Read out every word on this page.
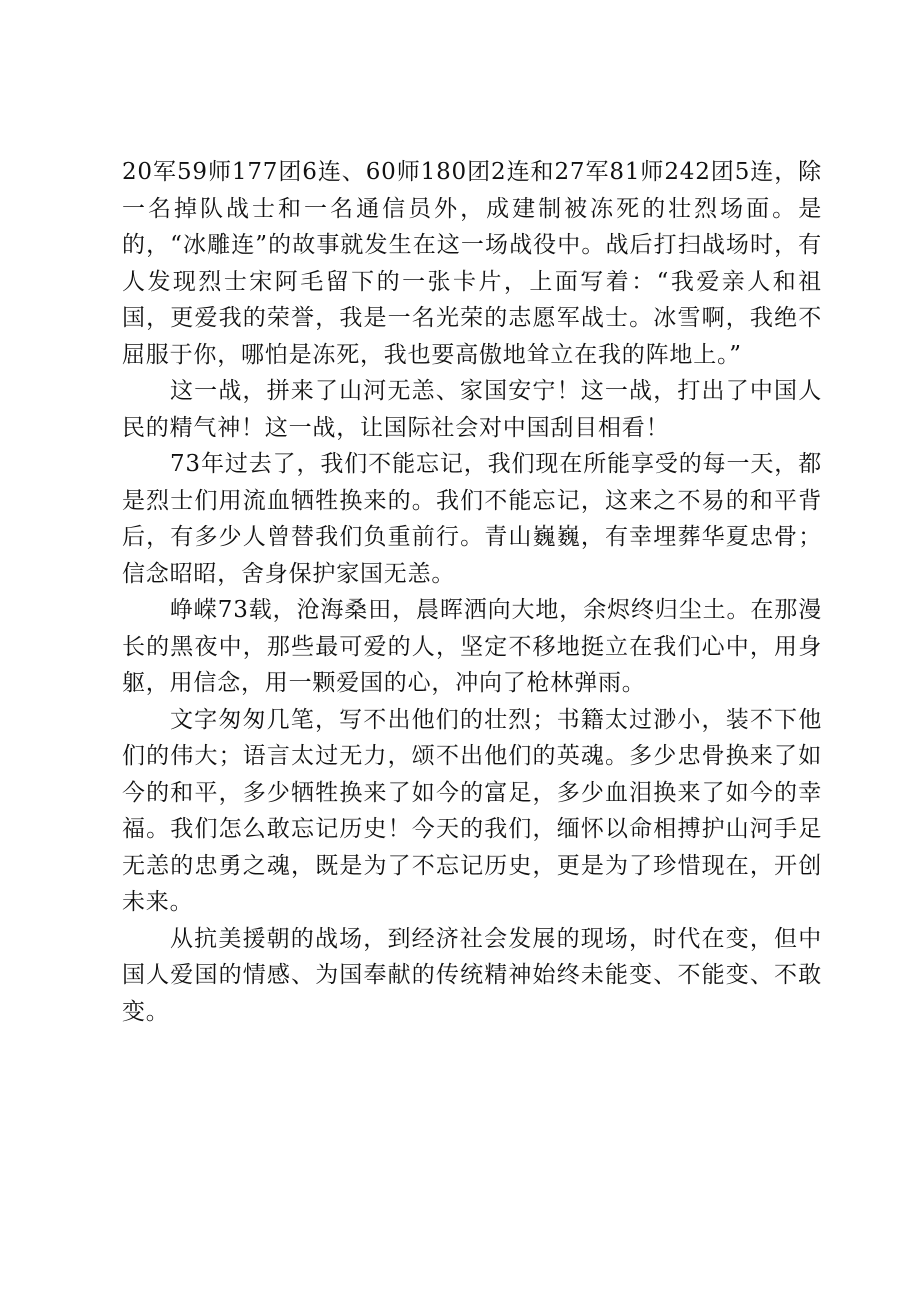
20军59师177团6连、60师180团2连和27军81师242团5连，除一名掉队战士和一名通信员外，成建制被冻死的壮烈场面。是的，“冰雕连”的故事就发生在这一场战役中。战后打扫战场时，有人发现烈士宋阿毛留下的一张卡片，上面写着：“我爱亲人和祖国，更爱我的荣誉，我是一名光荣的志愿军战士。冰雪啊，我绝不屈服于你，哪怕是冻死，我也要高傲地耸立在我的阵地上。”

这一战，拼来了山河无恙、家国安宁！这一战，打出了中国人民的精气神！这一战，让国际社会对中国刮目相看！

73年过去了，我们不能忘记，我们现在所能享受的每一天，都是烈士们用流血牺牲换来的。我们不能忘记，这来之不易的和平背后，有多少人曾替我们负重前行。青山巍巍，有幸埋葬华夏忠骨；信念昭昭，舍身保护家国无恙。

峥嵘73载，沧海桑田，晨晖洒向大地，余烬终归尘土。在那漫长的黑夜中，那些最可爱的人，坚定不移地挺立在我们心中，用身躯，用信念，用一颗爱国的心，冲向了枪林弹雨。

文字匆匆几笔，写不出他们的壮烈；书籍太过渺小，装不下他们的伟大；语言太过无力，颂不出他们的英魂。多少忠骨换来了如今的和平，多少牺牲换来了如今的富足，多少血泪换来了如今的幸福。我们怎么敢忘记历史！今天的我们，缅怀以命相搏护山河手足无恙的忠勇之魂，既是为了不忘记历史，更是为了珍惜现在，开创未来。

从抗美援朝的战场，到经济社会发展的现场，时代在变，但中国人爱国的情感、为国奉献的传统精神始终未能变、不能变、不敢变。
